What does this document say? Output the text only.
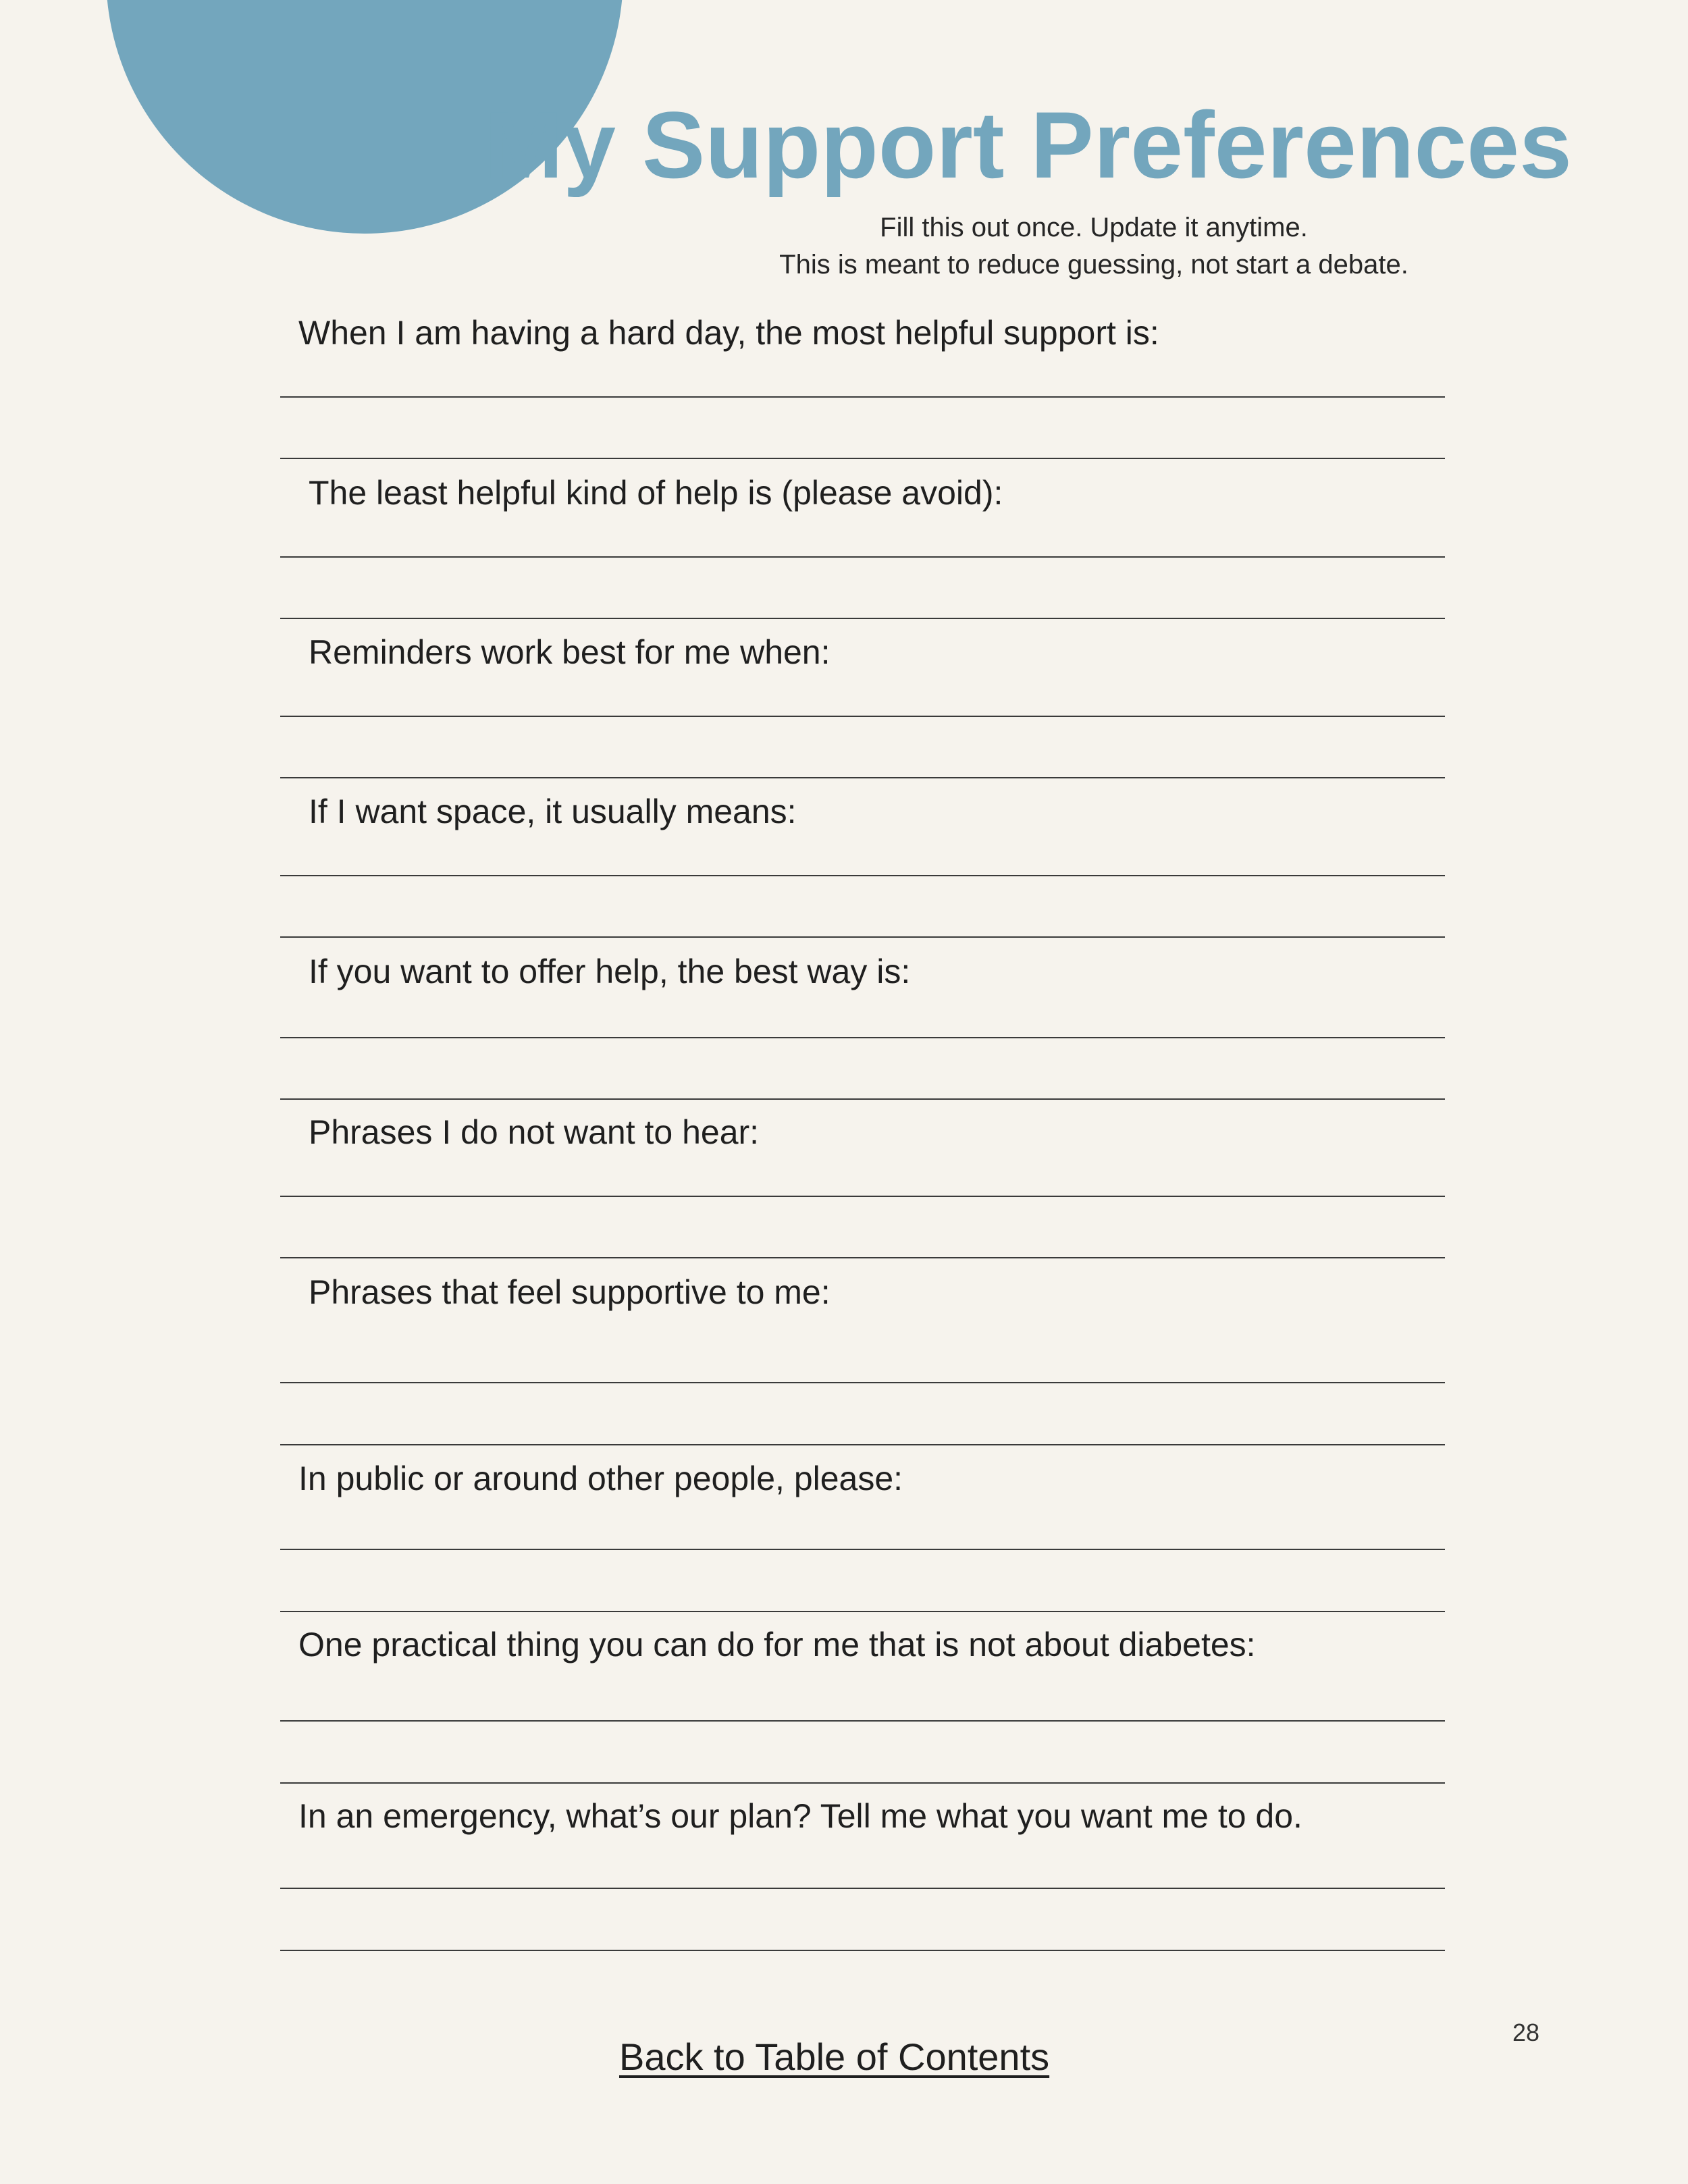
My Support Preferences
Fill this out once. Update it anytime.
This is meant to reduce guessing, not start a debate.
When I am having a hard day, the most helpful support is:
The least helpful kind of help is (please avoid):
Reminders work best for me when:
If I want space, it usually means:
If you want to offer help, the best way is:
Phrases I do not want to hear:
Phrases that feel supportive to me:
In public or around other people, please:
One practical thing you can do for me that is not about diabetes:
In an emergency, what’s our plan? Tell me what you want me to do.
28
Back to Table of Contents
